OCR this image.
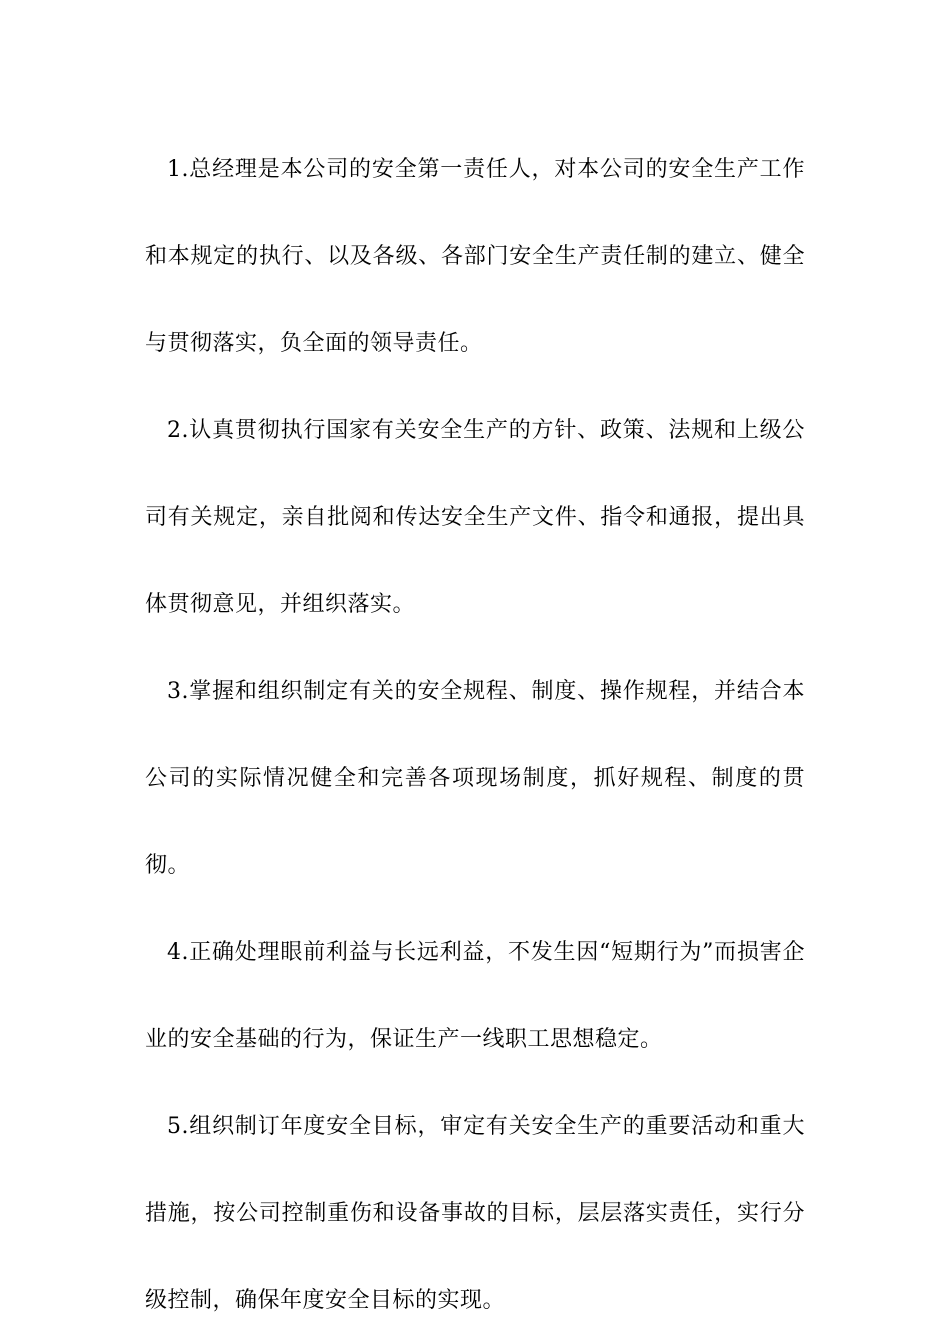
1.总经理是本公司的安全第一责任人，对本公司的安全生产工作和本规定的执行、以及各级、各部门安全生产责任制的建立、健全与贯彻落实，负全面的领导责任。

2.认真贯彻执行国家有关安全生产的方针、政策、法规和上级公司有关规定，亲自批阅和传达安全生产文件、指令和通报，提出具体贯彻意见，并组织落实。

3.掌握和组织制定有关的安全规程、制度、操作规程，并结合本公司的实际情况健全和完善各项现场制度，抓好规程、制度的贯彻。

4.正确处理眼前利益与长远利益，不发生因“短期行为”而损害企业的安全基础的行为，保证生产一线职工思想稳定。

5.组织制订年度安全目标，审定有关安全生产的重要活动和重大措施，按公司控制重伤和设备事故的目标，层层落实责任，实行分级控制，确保年度安全目标的实现。
